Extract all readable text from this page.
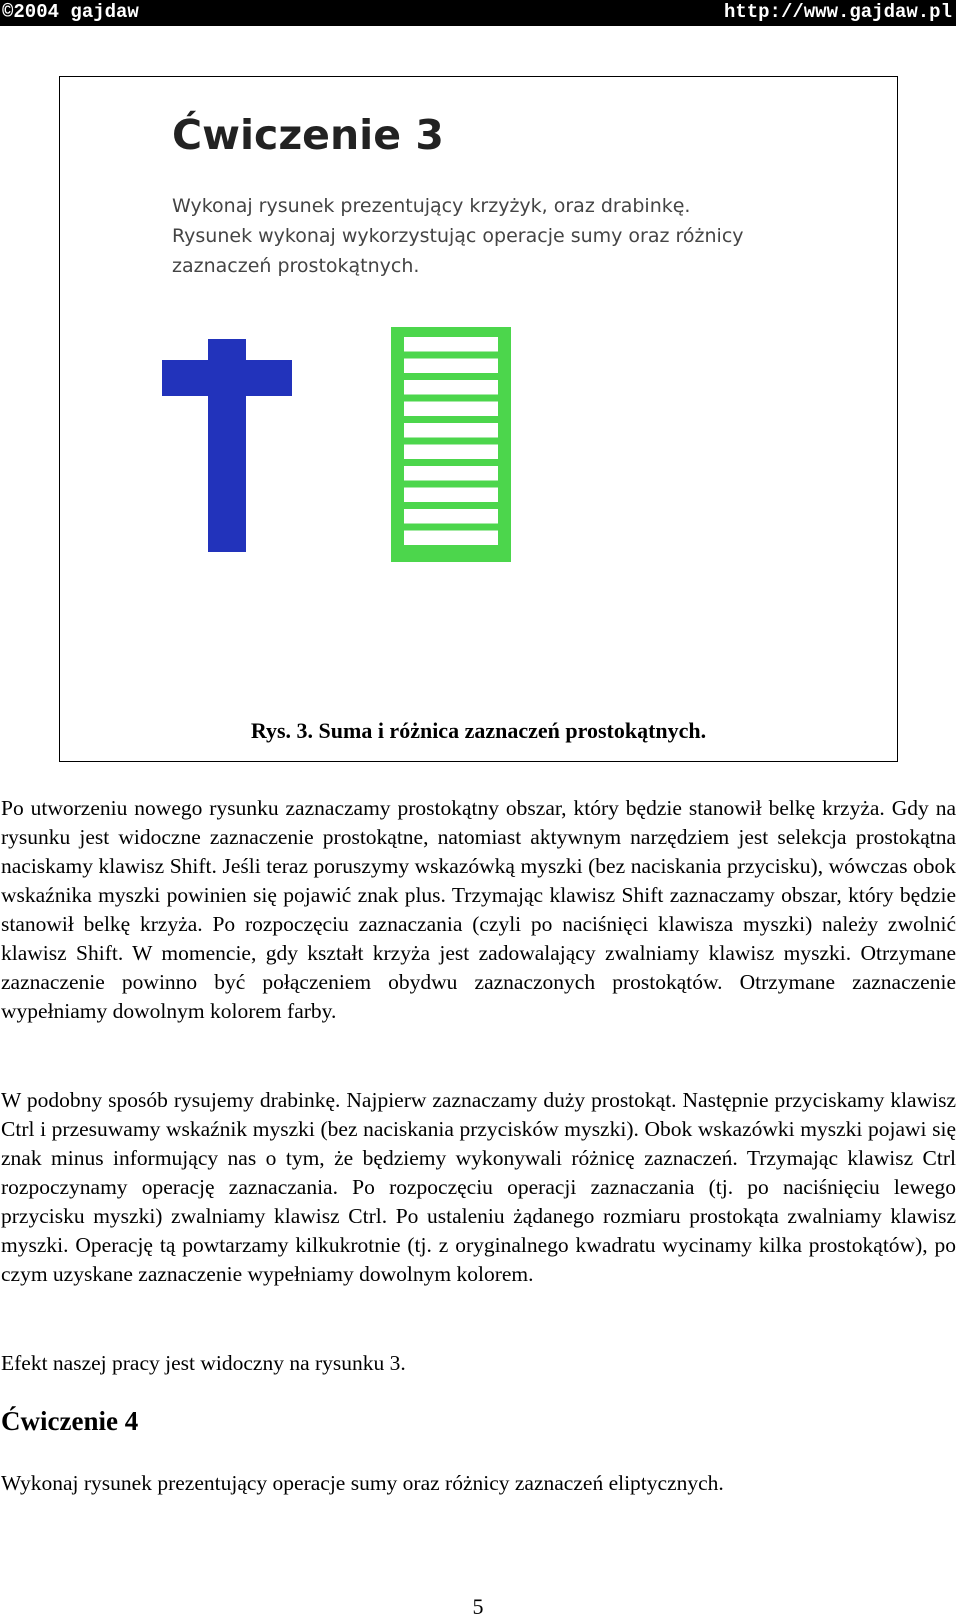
©2004 gajdaw	http://www.gajdaw.pl
Ćwiczenie 3
Wykonaj rysunek prezentujący krzyżyk, oraz drabinkę. Rysunek wykonaj wykorzystując operacje sumy oraz różnicy zaznaczeń prostokątnych.
Rys. 3. Suma i różnica zaznaczeń prostokątnych.
Po utworzeniu nowego rysunku zaznaczamy prostokątny obszar, który będzie stanowił belkę krzyża. Gdy na rysunku jest widoczne zaznaczenie prostokątne, natomiast aktywnym narzędziem jest selekcja prostokątna naciskamy klawisz Shift. Jeśli teraz poruszymy wskazówką myszki (bez naciskania przycisku), wówczas obok wskaźnika myszki powinien się pojawić znak plus. Trzymając klawisz Shift zaznaczamy obszar, który będzie stanowił belkę krzyża. Po rozpoczęciu zaznaczania (czyli po naciśnięci klawisza myszki) należy zwolnić klawisz Shift. W momencie, gdy kształt krzyża jest zadowalający zwalniamy klawisz myszki. Otrzymane zaznaczenie powinno być połączeniem obydwu zaznaczonych prostokątów. Otrzymane zaznaczenie wypełniamy dowolnym kolorem farby.
W podobny sposób rysujemy drabinkę. Najpierw zaznaczamy duży prostokąt. Następnie przyciskamy klawisz Ctrl i przesuwamy wskaźnik myszki (bez naciskania przycisków myszki). Obok wskazówki myszki pojawi się znak minus informujący nas o tym, że będziemy wykonywali różnicę zaznaczeń. Trzymając klawisz Ctrl rozpoczynamy operację zaznaczania. Po rozpoczęciu operacji zaznaczania (tj. po naciśnięciu lewego przycisku myszki) zwalniamy klawisz Ctrl. Po ustaleniu żądanego rozmiaru prostokąta zwalniamy klawisz myszki. Operację tą powtarzamy kilkukrotnie (tj. z oryginalnego kwadratu wycinamy kilka prostokątów), po czym uzyskane zaznaczenie wypełniamy dowolnym kolorem.
Efekt naszej pracy jest widoczny na rysunku 3.
Ćwiczenie 4
Wykonaj rysunek prezentujący operacje sumy oraz różnicy zaznaczeń eliptycznych.
5
